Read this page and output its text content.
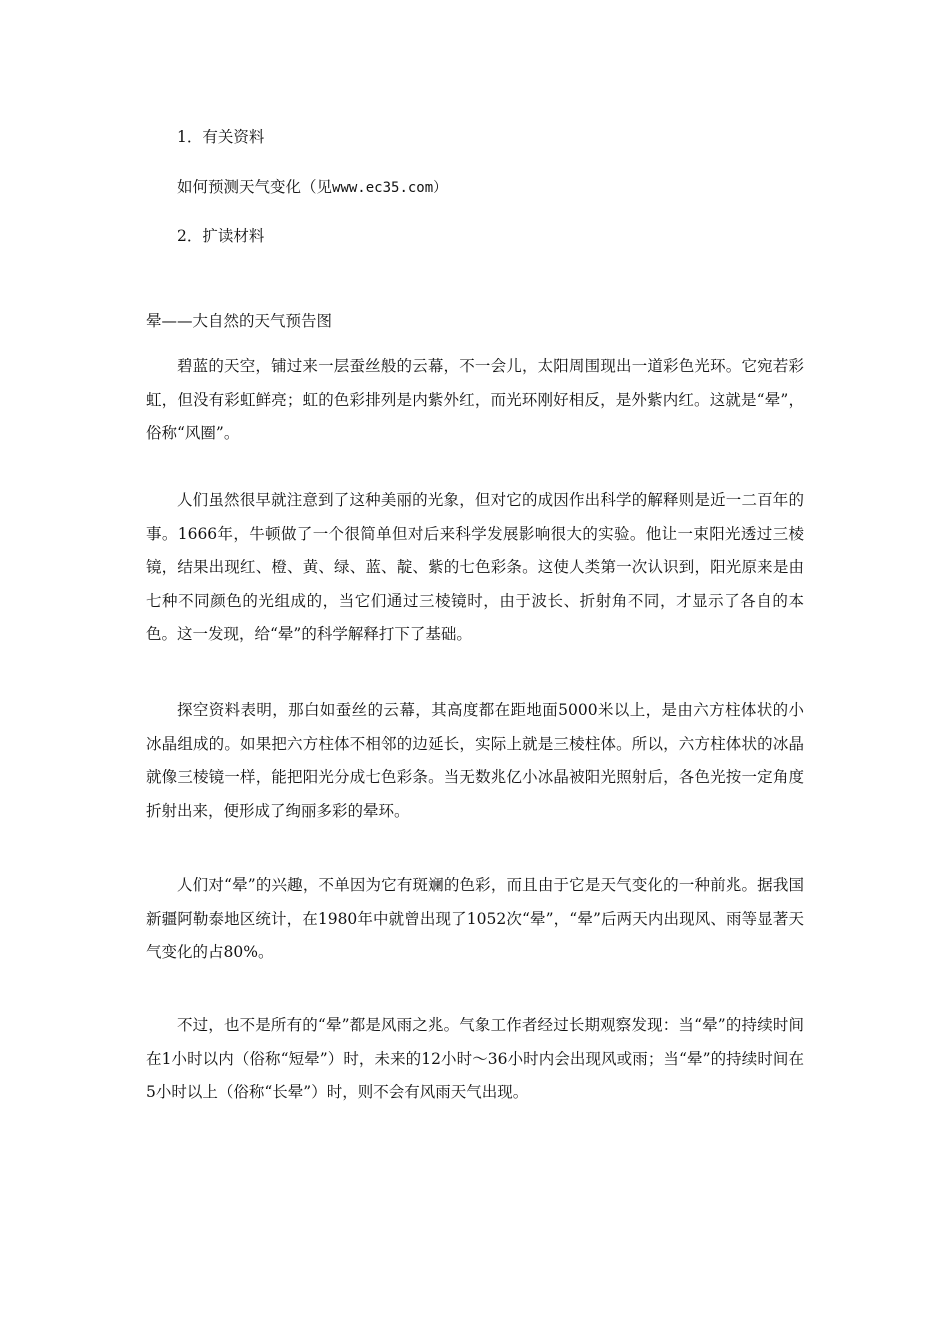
1．有关资料
如何预测天气变化（见www.ec35.com）
2．扩读材料
晕——大自然的天气预告图

碧蓝的天空，铺过来一层蚕丝般的云幕，不一会儿，太阳周围现出一道彩色光环。它宛若彩虹，但没有彩虹鲜亮；虹的色彩排列是内紫外红，而光环刚好相反，是外紫内红。这就是“晕”，俗称“风圈”。

人们虽然很早就注意到了这种美丽的光象，但对它的成因作出科学的解释则是近一二百年的事。1666年，牛顿做了一个很简单但对后来科学发展影响很大的实验。他让一束阳光透过三棱镜，结果出现红、橙、黄、绿、蓝、靛、紫的七色彩条。这使人类第一次认识到，阳光原来是由七种不同颜色的光组成的，当它们通过三棱镜时，由于波长、折射角不同，才显示了各自的本色。这一发现，给“晕”的科学解释打下了基础。

探空资料表明，那白如蚕丝的云幕，其高度都在距地面5000米以上，是由六方柱体状的小冰晶组成的。如果把六方柱体不相邻的边延长，实际上就是三棱柱体。所以，六方柱体状的冰晶就像三棱镜一样，能把阳光分成七色彩条。当无数兆亿小冰晶被阳光照射后，各色光按一定角度折射出来，便形成了绚丽多彩的晕环。

人们对“晕”的兴趣，不单因为它有斑斓的色彩，而且由于它是天气变化的一种前兆。据我国新疆阿勒泰地区统计，在1980年中就曾出现了1052次“晕”，“晕”后两天内出现风、雨等显著天气变化的占80%。

不过，也不是所有的“晕”都是风雨之兆。气象工作者经过长期观察发现：当“晕”的持续时间在1小时以内（俗称“短晕”）时，未来的12小时～36小时内会出现风或雨；当“晕”的持续时间在5小时以上（俗称“长晕”）时，则不会有风雨天气出现。
